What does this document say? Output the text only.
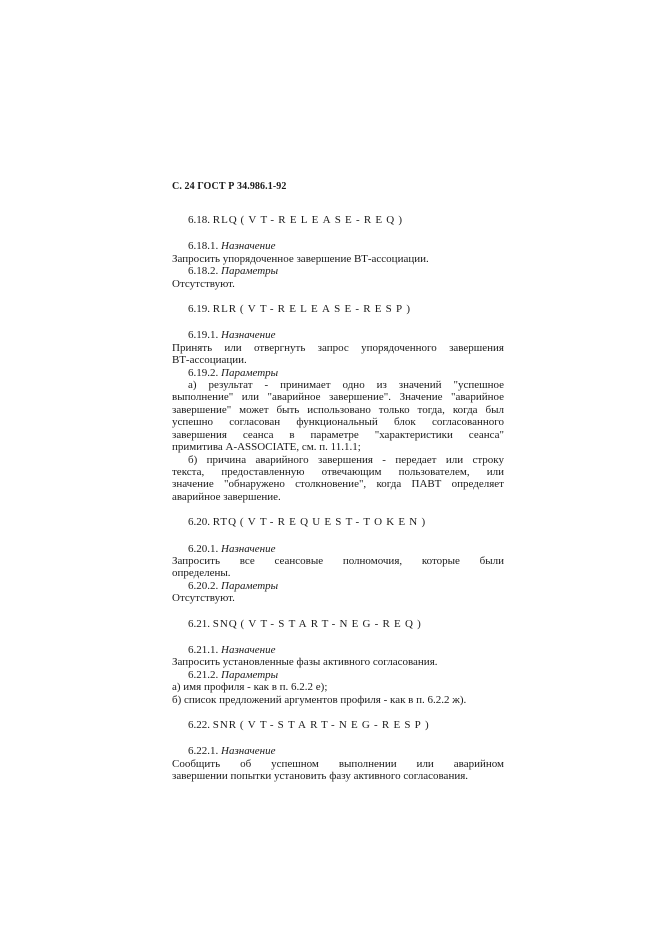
С. 24 ГОСТ Р 34.986.1-92
6.18. RLQ (VT-RELEASE-REQ)

6.18.1. Назначение

Запросить упорядоченное завершение ВТ-ассоциации.

6.18.2. Параметры

Отсутствуют.

6.19. RLR (VT-RELEASE-RESP)

6.19.1. Назначение

Принять или отвергнуть запрос упорядоченного завершения

ВТ-ассоциации.

6.19.2. Параметры

а) результат - принимает одно из значений "успешное

выполнение" или "аварийное завершение". Значение "аварийное

завершение" может быть использовано только тогда, когда был

успешно согласован функциональный блок согласованного

завершения сеанса в параметре "характеристики сеанса"

примитива A-ASSOCIATE, см. п. 11.1.1;

б) причина аварийного завершения - передает или строку

текста, предоставленную отвечающим пользователем, или

значение "обнаружено столкновение", когда ПАВТ определяет

аварийное завершение.

6.20. RTQ (VT-REQUEST-TOKEN)

6.20.1. Назначение

Запросить все сеансовые полномочия, которые были

определены.

6.20.2. Параметры

Отсутствуют.

6.21. SNQ (VT-START-NEG-REQ)

6.21.1. Назначение

Запросить установленные фазы активного согласования.

6.21.2. Параметры

а) имя профиля - как в п. 6.2.2 е);

б) список предложений аргументов профиля - как в п. 6.2.2 ж).

6.22. SNR (VT-START-NEG-RESP)

6.22.1. Назначение

Сообщить об успешном выполнении или аварийном

завершении попытки установить фазу активного согласования.
